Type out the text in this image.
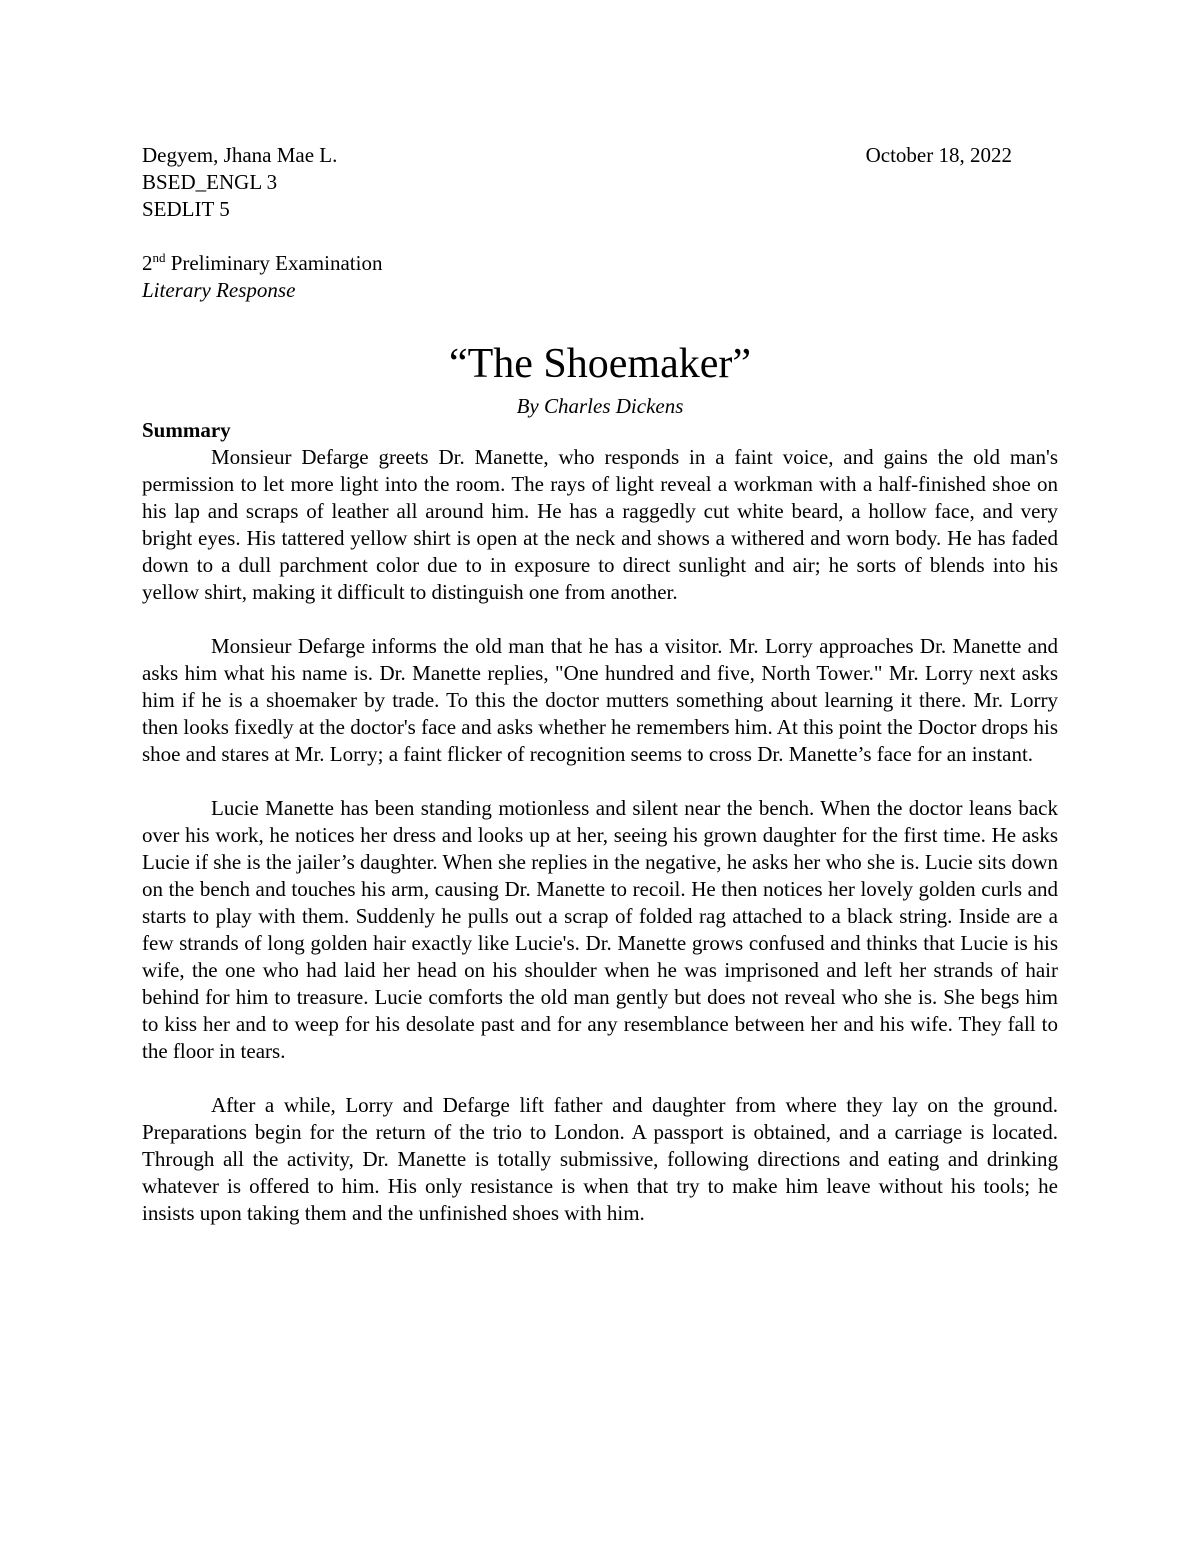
Degyem, Jhana Mae L.	October 18, 2022
BSED_ENGL 3
SEDLIT 5
2nd Preliminary Examination
Literary Response
“The Shoemaker”
By Charles Dickens

Summary

Monsieur Defarge greets Dr. Manette, who responds in a faint voice, and gains the old man's permission to let more light into the room. The rays of light reveal a workman with a half-finished shoe on his lap and scraps of leather all around him. He has a raggedly cut white beard, a hollow face, and very bright eyes. His tattered yellow shirt is open at the neck and shows a withered and worn body. He has faded down to a dull parchment color due to in exposure to direct sunlight and air; he sorts of blends into his yellow shirt, making it difficult to distinguish one from another.

Monsieur Defarge informs the old man that he has a visitor. Mr. Lorry approaches Dr. Manette and asks him what his name is. Dr. Manette replies, "One hundred and five, North Tower." Mr. Lorry next asks him if he is a shoemaker by trade. To this the doctor mutters something about learning it there. Mr. Lorry then looks fixedly at the doctor's face and asks whether he remembers him. At this point the Doctor drops his shoe and stares at Mr. Lorry; a faint flicker of recognition seems to cross Dr. Manette’s face for an instant.

Lucie Manette has been standing motionless and silent near the bench. When the doctor leans back over his work, he notices her dress and looks up at her, seeing his grown daughter for the first time. He asks Lucie if she is the jailer’s daughter. When she replies in the negative, he asks her who she is. Lucie sits down on the bench and touches his arm, causing Dr. Manette to recoil. He then notices her lovely golden curls and starts to play with them. Suddenly he pulls out a scrap of folded rag attached to a black string. Inside are a few strands of long golden hair exactly like Lucie's. Dr. Manette grows confused and thinks that Lucie is his wife, the one who had laid her head on his shoulder when he was imprisoned and left her strands of hair behind for him to treasure. Lucie comforts the old man gently but does not reveal who she is. She begs him to kiss her and to weep for his desolate past and for any resemblance between her and his wife. They fall to the floor in tears.

After a while, Lorry and Defarge lift father and daughter from where they lay on the ground. Preparations begin for the return of the trio to London. A passport is obtained, and a carriage is located. Through all the activity, Dr. Manette is totally submissive, following directions and eating and drinking whatever is offered to him. His only resistance is when that try to make him leave without his tools; he insists upon taking them and the unfinished shoes with him.
